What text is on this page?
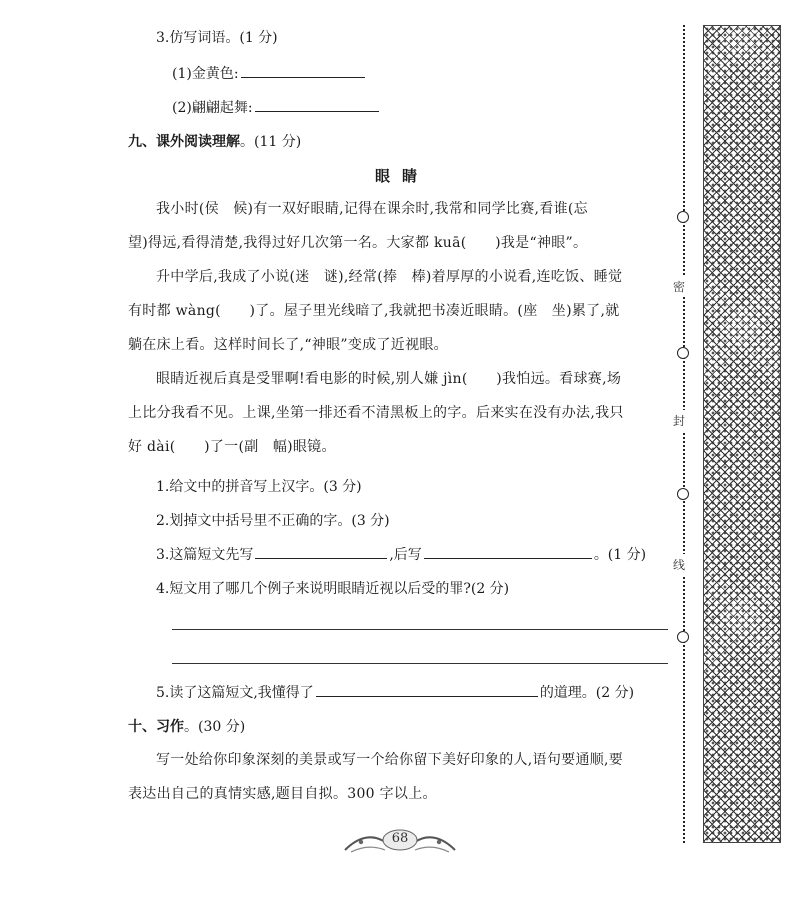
3.仿写词语。(1 分)
(1)金黄色:
(2)翩翩起舞:
九、课外阅读理解。(11 分)
眼睛
我小时(侯　候)有一双好眼睛,记得在课余时,我常和同学比赛,看谁(忘
望)得远,看得清楚,我得过好几次第一名。大家都 kuā(　　)我是“神眼”。
升中学后,我成了小说(迷　谜),经常(捧　棒)着厚厚的小说看,连吃饭、睡觉
有时都 wàng(　　)了。屋子里光线暗了,我就把书凑近眼睛。(座　坐)累了,就
躺在床上看。这样时间长了,“神眼”变成了近视眼。
眼睛近视后真是受罪啊!看电影的时候,别人嫌 jìn(　　)我怕远。看球赛,场
上比分我看不见。上课,坐第一排还看不清黑板上的字。后来实在没有办法,我只
好 dài(　　)了一(副　幅)眼镜。
1.给文中的拼音写上汉字。(3 分)
2.划掉文中括号里不正确的字。(3 分)
3.这篇短文先写	,后写	。(1 分)
4.短文用了哪几个例子来说明眼睛近视以后受的罪?(2 分)
5.读了这篇短文,我懂得了	的道理。(2 分)
十、习作。(30 分)
写一处给你印象深刻的美景或写一个给你留下美好印象的人,语句要通顺,要
表达出自己的真情实感,题目自拟。300 字以上。
密
封
线
68
